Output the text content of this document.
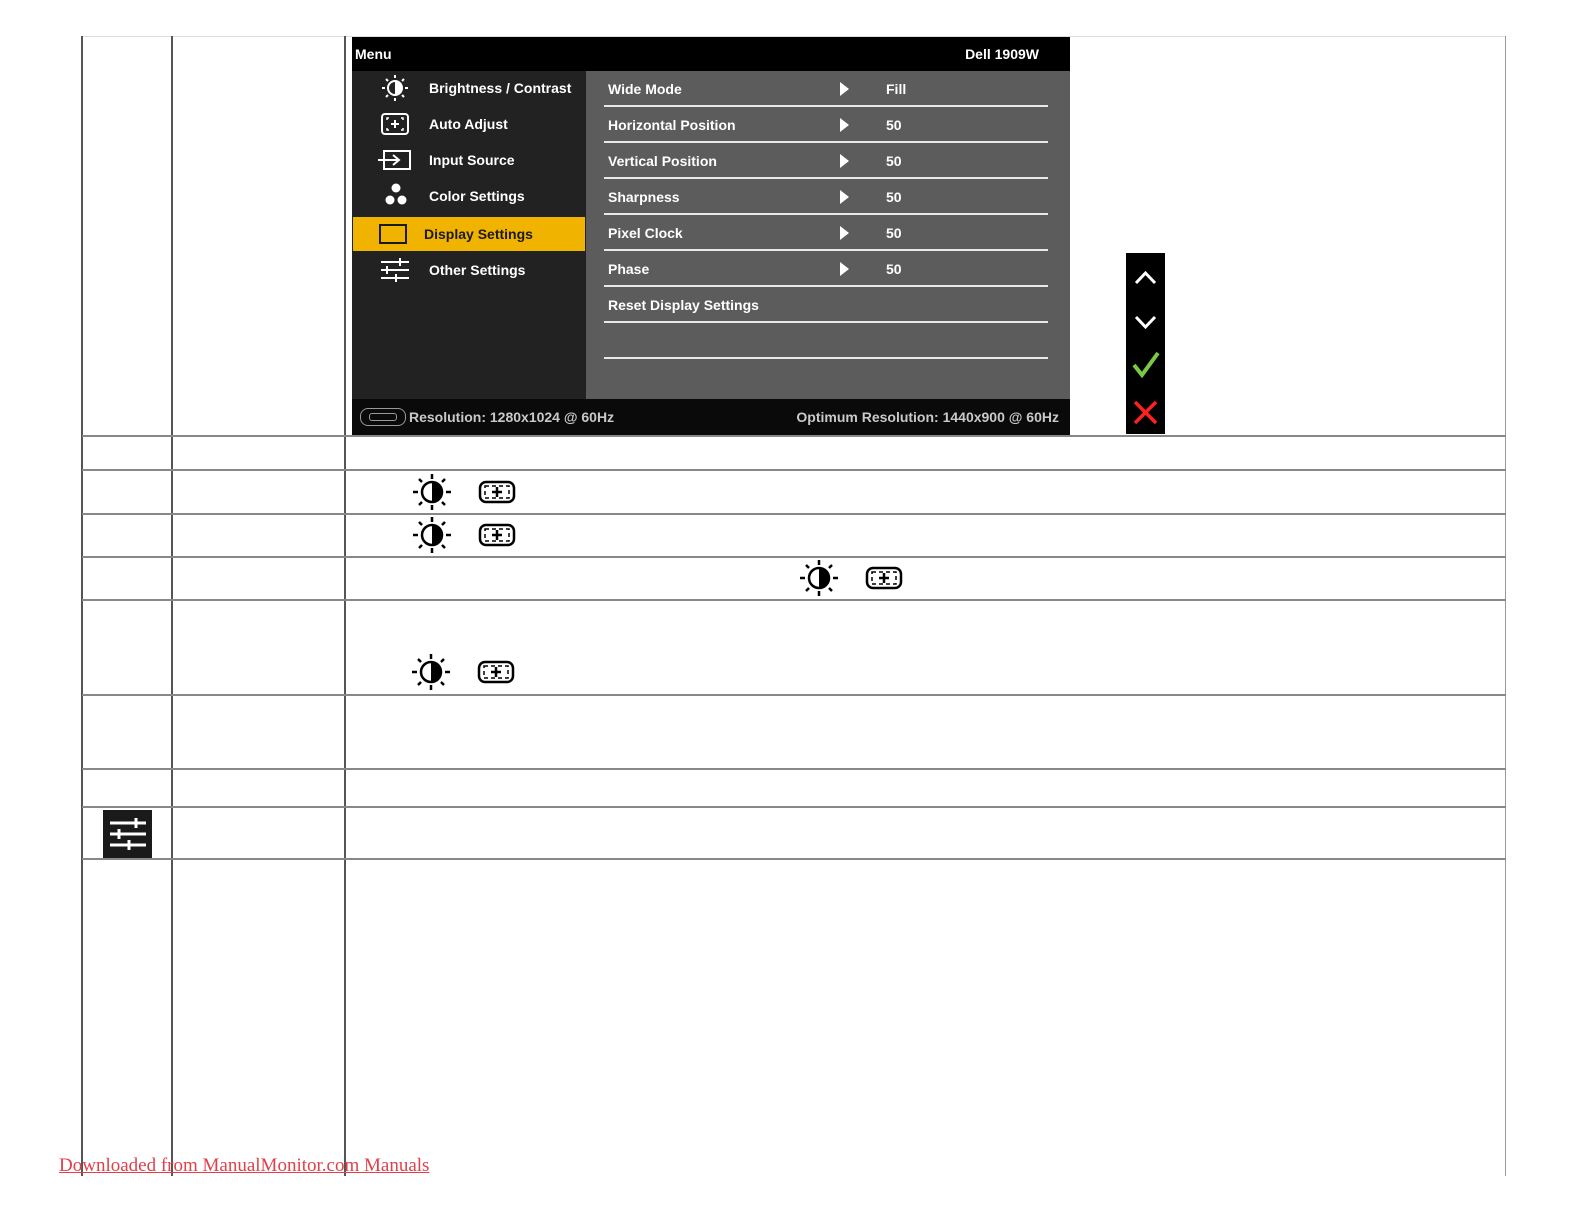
Menu	Dell 1909W
Brightness / Contrast
Auto Adjust
Input Source
Color Settings
Display Settings
Other Settings
Wide Mode	Fill
Horizontal Position	50
Vertical Position	50
Sharpness	50
Pixel Clock	50
Phase	50
Reset Display Settings
Resolution: 1280x1024 @ 60Hz	Optimum Resolution: 1440x900 @ 60Hz
Downloaded from ManualMonitor.com Manuals
